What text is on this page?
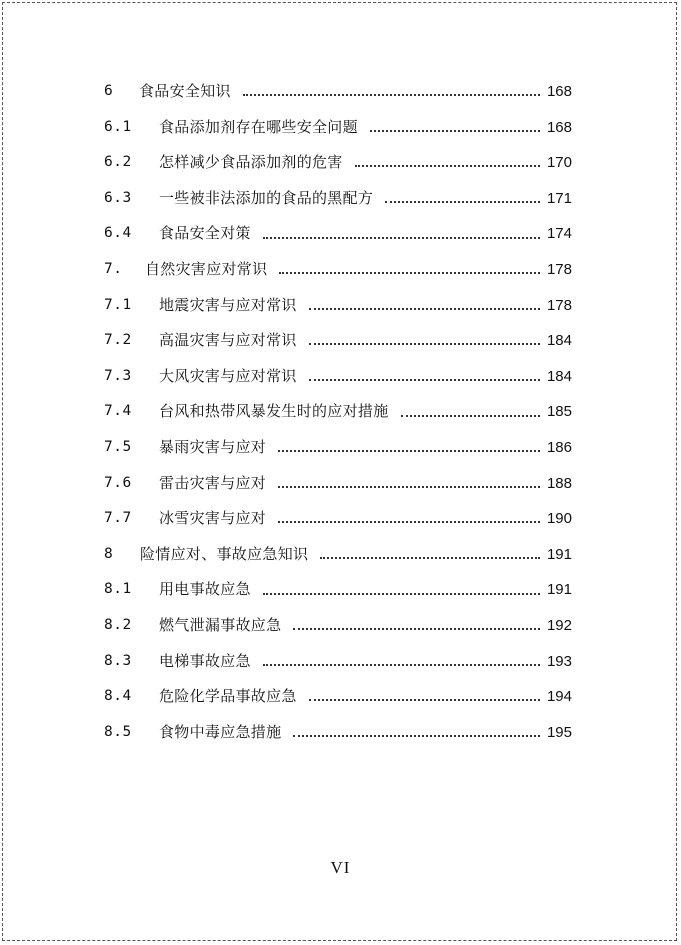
6	食品安全知识	168
6.1	食品添加剂存在哪些安全问题	168
6.2	怎样减少食品添加剂的危害	170
6.3	一些被非法添加的食品的黑配方	171
6.4	食品安全对策	174
7.	自然灾害应对常识	178
7.1	地震灾害与应对常识	178
7.2	高温灾害与应对常识	184
7.3	大风灾害与应对常识	184
7.4	台风和热带风暴发生时的应对措施	185
7.5	暴雨灾害与应对	186
7.6	雷击灾害与应对	188
7.7	冰雪灾害与应对	190
8	险情应对、事故应急知识	191
8.1	用电事故应急	191
8.2	燃气泄漏事故应急	192
8.3	电梯事故应急	193
8.4	危险化学品事故应急	194
8.5	食物中毒应急措施	195
VI
